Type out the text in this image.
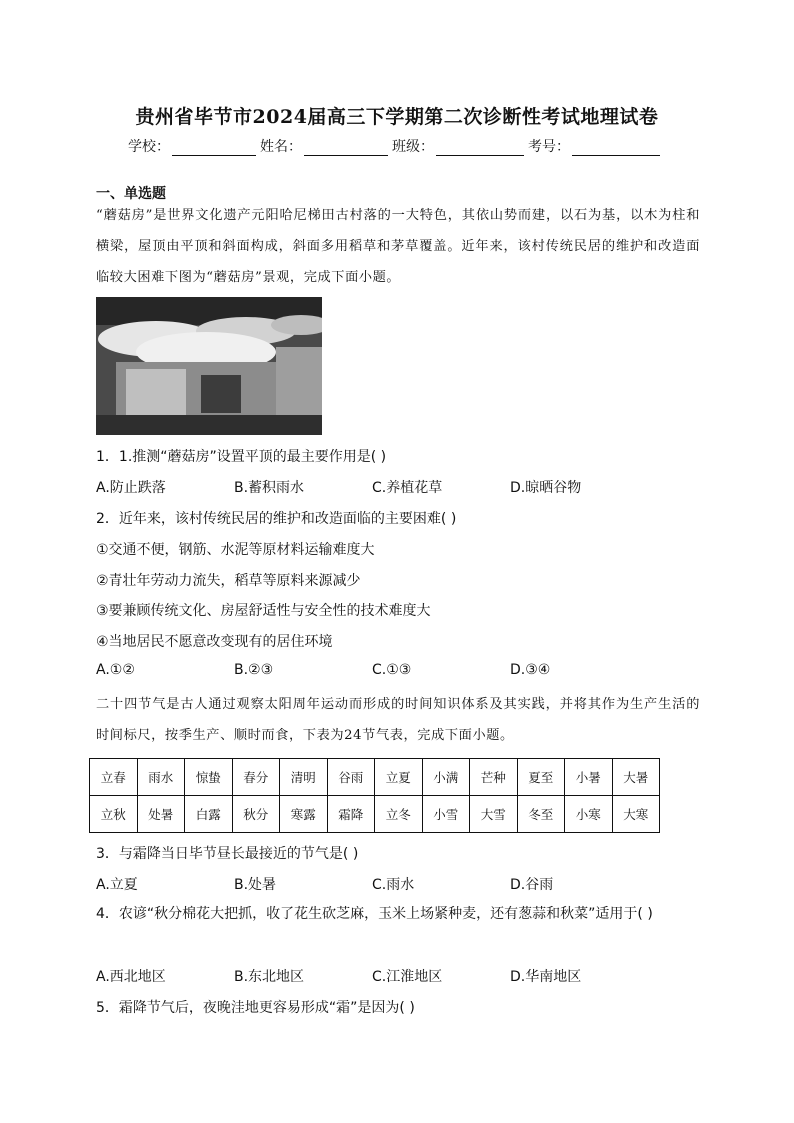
贵州省毕节市2024届高三下学期第二次诊断性考试地理试卷
学校：	姓名：	班级：	考号：
一、单选题
“蘑菇房”是世界文化遗产元阳哈尼梯田古村落的一大特色，其依山势而建，以石为基，以木为柱和横梁，屋顶由平顶和斜面构成，斜面多用稻草和茅草覆盖。近年来，该村传统民居的维护和改造面临较大困难下图为“蘑菇房”景观，完成下面小题。
1．1.推测“蘑菇房”设置平顶的最主要作用是( )
A.防止跌落	B.蓄积雨水	C.养植花草	D.晾晒谷物
2．近年来，该村传统民居的维护和改造面临的主要困难( )
①交通不便，钢筋、水泥等原材料运输难度大
②青壮年劳动力流失，稻草等原料来源减少
③要兼顾传统文化、房屋舒适性与安全性的技术难度大
④当地居民不愿意改变现有的居住环境
A.①②	B.②③	C.①③	D.③④
二十四节气是古人通过观察太阳周年运动而形成的时间知识体系及其实践，并将其作为生产生活的时间标尺，按季生产、顺时而食，下表为24节气表，完成下面小题。
立春	雨水	惊蛰	春分	清明	谷雨	立夏	小满	芒种	夏至	小暑	大暑
立秋	处暑	白露	秋分	寒露	霜降	立冬	小雪	大雪	冬至	小寒	大寒
3．与霜降当日毕节昼长最接近的节气是( )
A.立夏	B.处暑	C.雨水	D.谷雨
4．农谚“秋分棉花大把抓，收了花生砍芝麻，玉米上场紧种麦，还有葱蒜和秋菜”适用于( )
A.西北地区	B.东北地区	C.江淮地区	D.华南地区
5．霜降节气后，夜晚洼地更容易形成“霜”是因为( )
